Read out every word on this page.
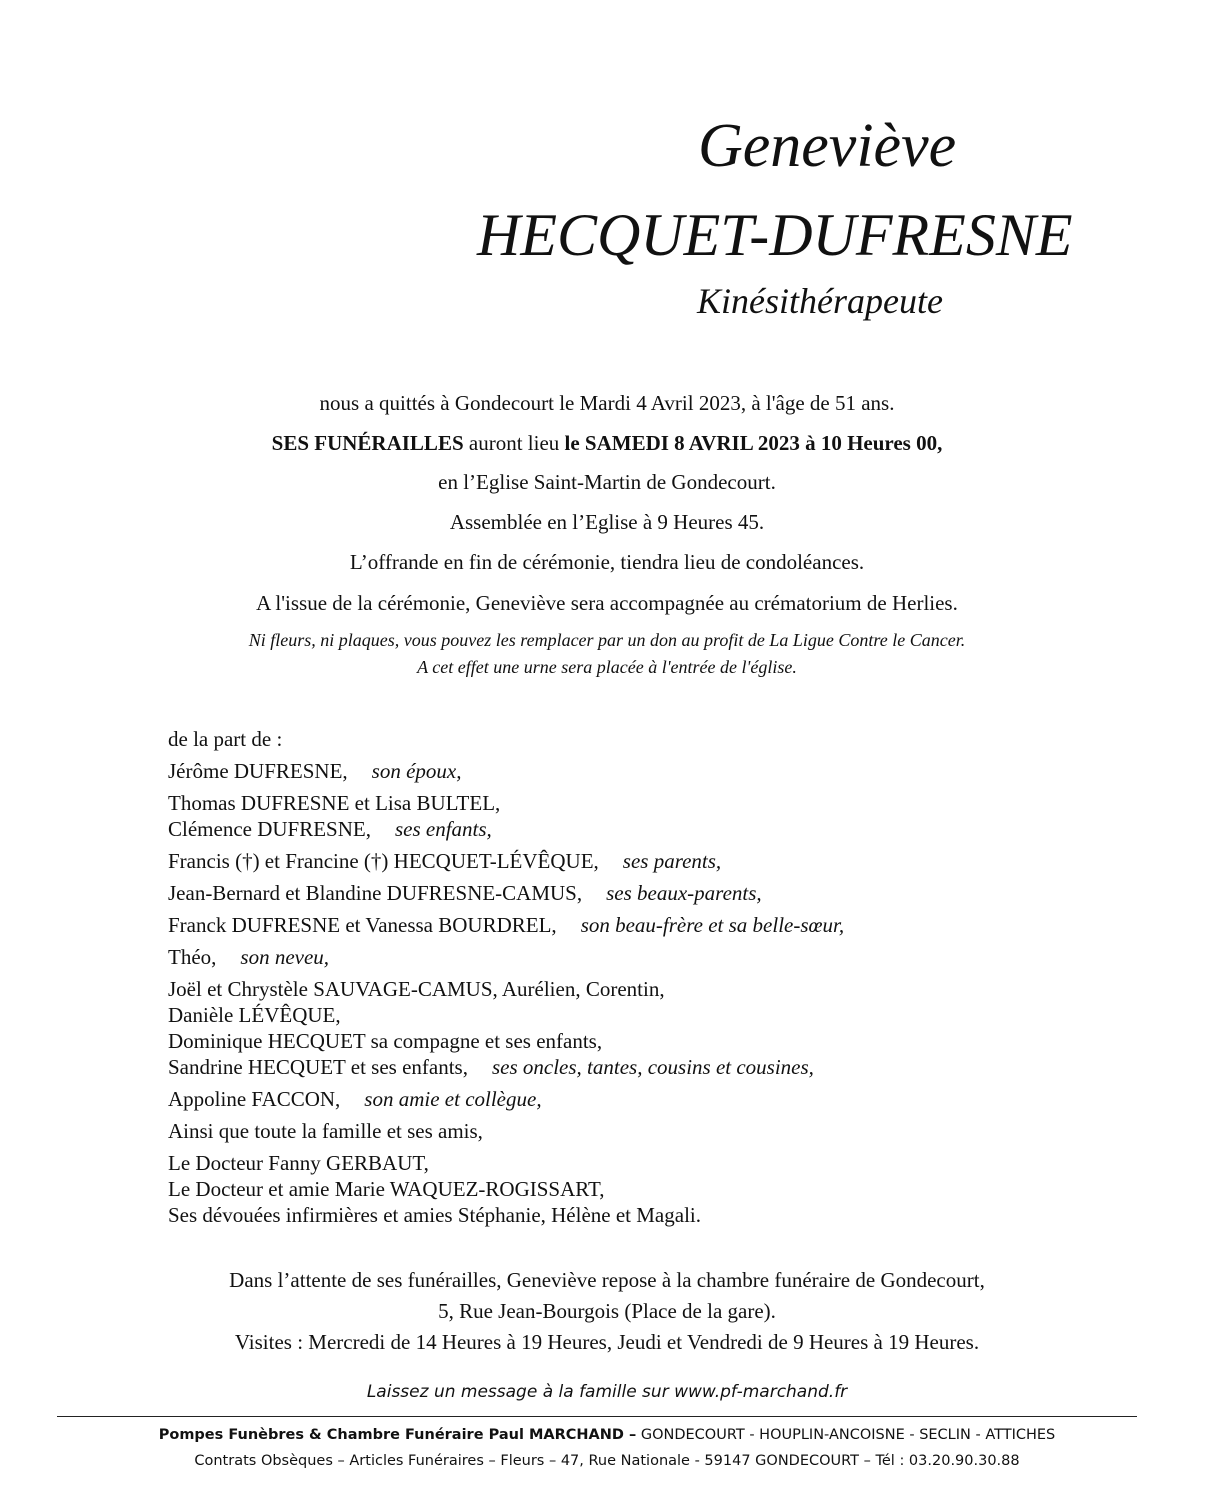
Geneviève
HECQUET-DUFRESNE
Kinésithérapeute
nous a quittés à Gondecourt le Mardi 4 Avril 2023, à l'âge de 51 ans.
SES FUNÉRAILLES auront lieu le SAMEDI 8 AVRIL 2023 à 10 Heures 00,
en l’Eglise Saint-Martin de Gondecourt.
Assemblée en l’Eglise à 9 Heures 45.
L’offrande en fin de cérémonie, tiendra lieu de condoléances.
A l'issue de la cérémonie, Geneviève sera accompagnée au crématorium de Herlies.
Ni fleurs, ni plaques, vous pouvez les remplacer par un don au profit de La Ligue Contre le Cancer.
A cet effet une urne sera placée à l'entrée de l'église.

de la part de :

Jérôme DUFRESNE, son époux,

Thomas DUFRESNE et Lisa BULTEL,

Clémence DUFRESNE, ses enfants,

Francis (†) et Francine (†) HECQUET-LÉVÊQUE, ses parents,

Jean-Bernard et Blandine DUFRESNE-CAMUS, ses beaux-parents,

Franck DUFRESNE et Vanessa BOURDREL, son beau-frère et sa belle-sœur,

Théo, son neveu,

Joël et Chrystèle SAUVAGE-CAMUS, Aurélien, Corentin,

Danièle LÉVÊQUE,

Dominique HECQUET sa compagne et ses enfants,

Sandrine HECQUET et ses enfants, ses oncles, tantes, cousins et cousines,

Appoline FACCON, son amie et collègue,

Ainsi que toute la famille et ses amis,

Le Docteur Fanny GERBAUT,

Le Docteur et amie Marie WAQUEZ-ROGISSART,

Ses dévouées infirmières et amies Stéphanie, Hélène et Magali.

Dans l’attente de ses funérailles, Geneviève repose à la chambre funéraire de Gondecourt,
5, Rue Jean-Bourgois (Place de la gare).
Visites : Mercredi de 14 Heures à 19 Heures, Jeudi et Vendredi de 9 Heures à 19 Heures.
Laissez un message à la famille sur www.pf-marchand.fr
Pompes Funèbres & Chambre Funéraire Paul MARCHAND – GONDECOURT - HOUPLIN-ANCOISNE - SECLIN - ATTICHES
Contrats Obsèques – Articles Funéraires – Fleurs – 47, Rue Nationale - 59147 GONDECOURT – Tél : 03.20.90.30.88
